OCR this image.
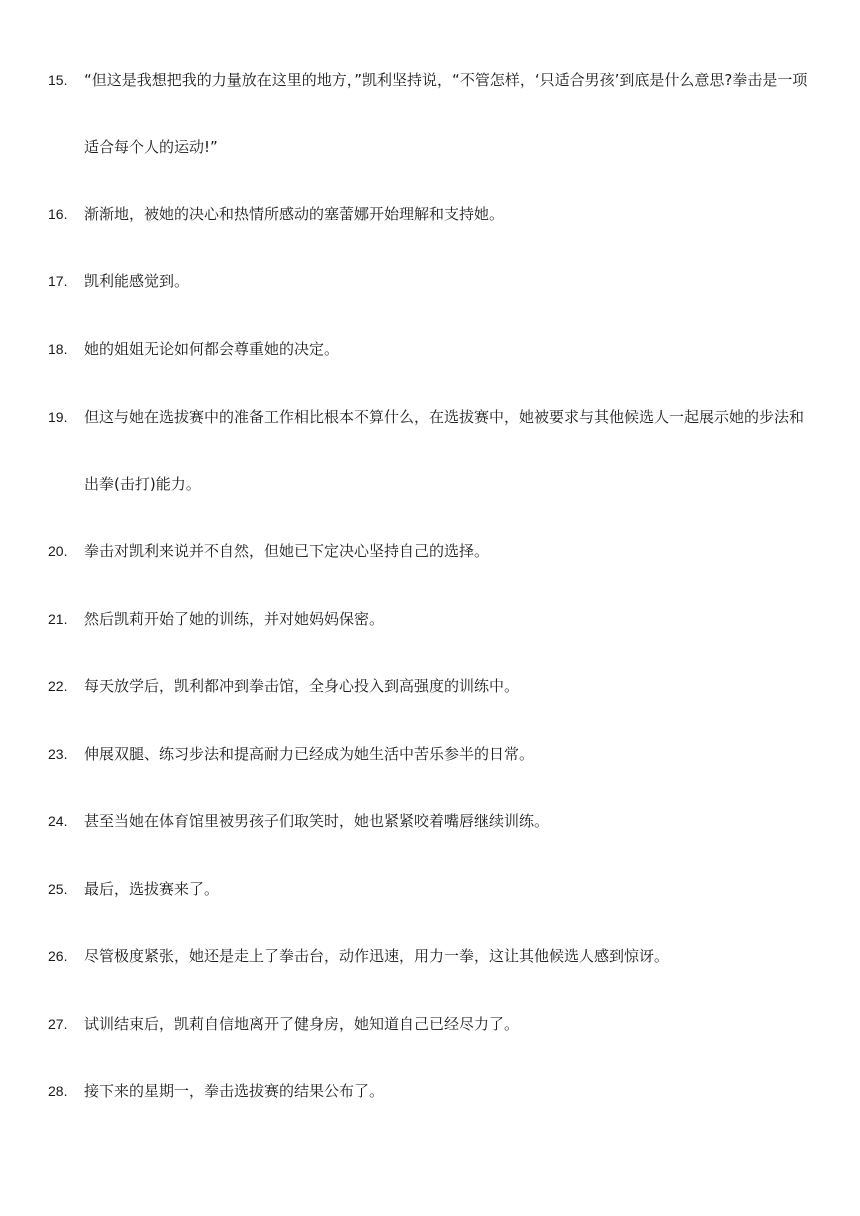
15.	“但这是我想把我的力量放在这里的地方，”凯利坚持说，“不管怎样，‘只适合男孩’到底是什么意思?拳击是一项适合每个人的运动!”
16.	渐渐地，被她的决心和热情所感动的塞蕾娜开始理解和支持她。
17.	凯利能感觉到。
18.	她的姐姐无论如何都会尊重她的决定。
19.	但这与她在选拔赛中的准备工作相比根本不算什么，在选拔赛中，她被要求与其他候选人一起展示她的步法和出拳(击打)能力。
20.	拳击对凯利来说并不自然，但她已下定决心坚持自己的选择。
21.	然后凯莉开始了她的训练，并对她妈妈保密。
22.	每天放学后，凯利都冲到拳击馆，全身心投入到高强度的训练中。
23.	伸展双腿、练习步法和提高耐力已经成为她生活中苦乐参半的日常。
24.	甚至当她在体育馆里被男孩子们取笑时，她也紧紧咬着嘴唇继续训练。
25.	最后，选拔赛来了。
26.	尽管极度紧张，她还是走上了拳击台，动作迅速，用力一拳，这让其他候选人感到惊讶。
27.	试训结束后，凯莉自信地离开了健身房，她知道自己已经尽力了。
28.	接下来的星期一，拳击选拔赛的结果公布了。
